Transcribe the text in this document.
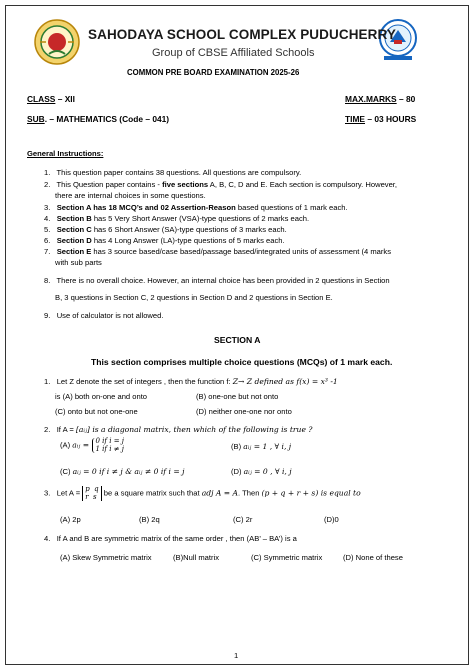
SAHODAYA SCHOOL COMPLEX PUDUCHERRY
Group of CBSE Affiliated Schools
COMMON PRE BOARD EXAMINATION 2025-26
CLASS – XII	MAX.MARKS – 80
SUB. – MATHEMATICS (Code – 041)	TIME – 03 HOURS
General Instructions:
1. This question paper contains 38 questions. All questions are compulsory.
2. This Question paper contains - five sections A, B, C, D and E. Each section is compulsory. However,
there are internal choices in some questions.
3. Section A has 18 MCQ’s and 02 Assertion-Reason based questions of 1 mark each.
4. Section B has 5 Very Short Answer (VSA)-type questions of 2 marks each.
5. Section C has 6 Short Answer (SA)-type questions of 3 marks each.
6. Section D has 4 Long Answer (LA)-type questions of 5 marks each.
7. Section E has 3 source based/case based/passage based/integrated units of assessment (4 marks
with sub parts
8. There is no overall choice. However, an internal choice has been provided in 2 questions in Section
B, 3 questions in Section C, 2 questions in Section D and 2 questions in Section E.
9. Use of calculator is not allowed.
SECTION A
This section comprises multiple choice questions (MCQs) of 1 mark each.
1. Let Z denote the set of integers , then the function f: Z→ Z defined as f(x) = x³ -1
is (A) both on-one and onto	(B) one-one but not onto
(C) onto but not one-one	(D) neither one-one nor onto
2. If A = [aᵢⱼ] is a diagonal matrix, then which of the following is true ?
(A) aᵢⱼ = 0 if i = j
1 if i ≠ j	(B) aᵢⱼ = 1 , ∀ i, j
(C) aᵢⱼ = 0 if i ≠ j & aᵢⱼ ≠ 0 if i = j	(D) aᵢⱼ = 0 , ∀ i, j
3. Let A = p q
r s be a square matrix such that adj A = A. Then (p + q + r + s) is equal to
(A) 2p	(B) 2q	(C) 2r	(D)0
4. If A and B are symmetric matrix of the same order , then (AB’ – BA’) is a
(A) Skew Symmetric matrix	(B)Null matrix	(C) Symmetric matrix	(D) None of these
1
